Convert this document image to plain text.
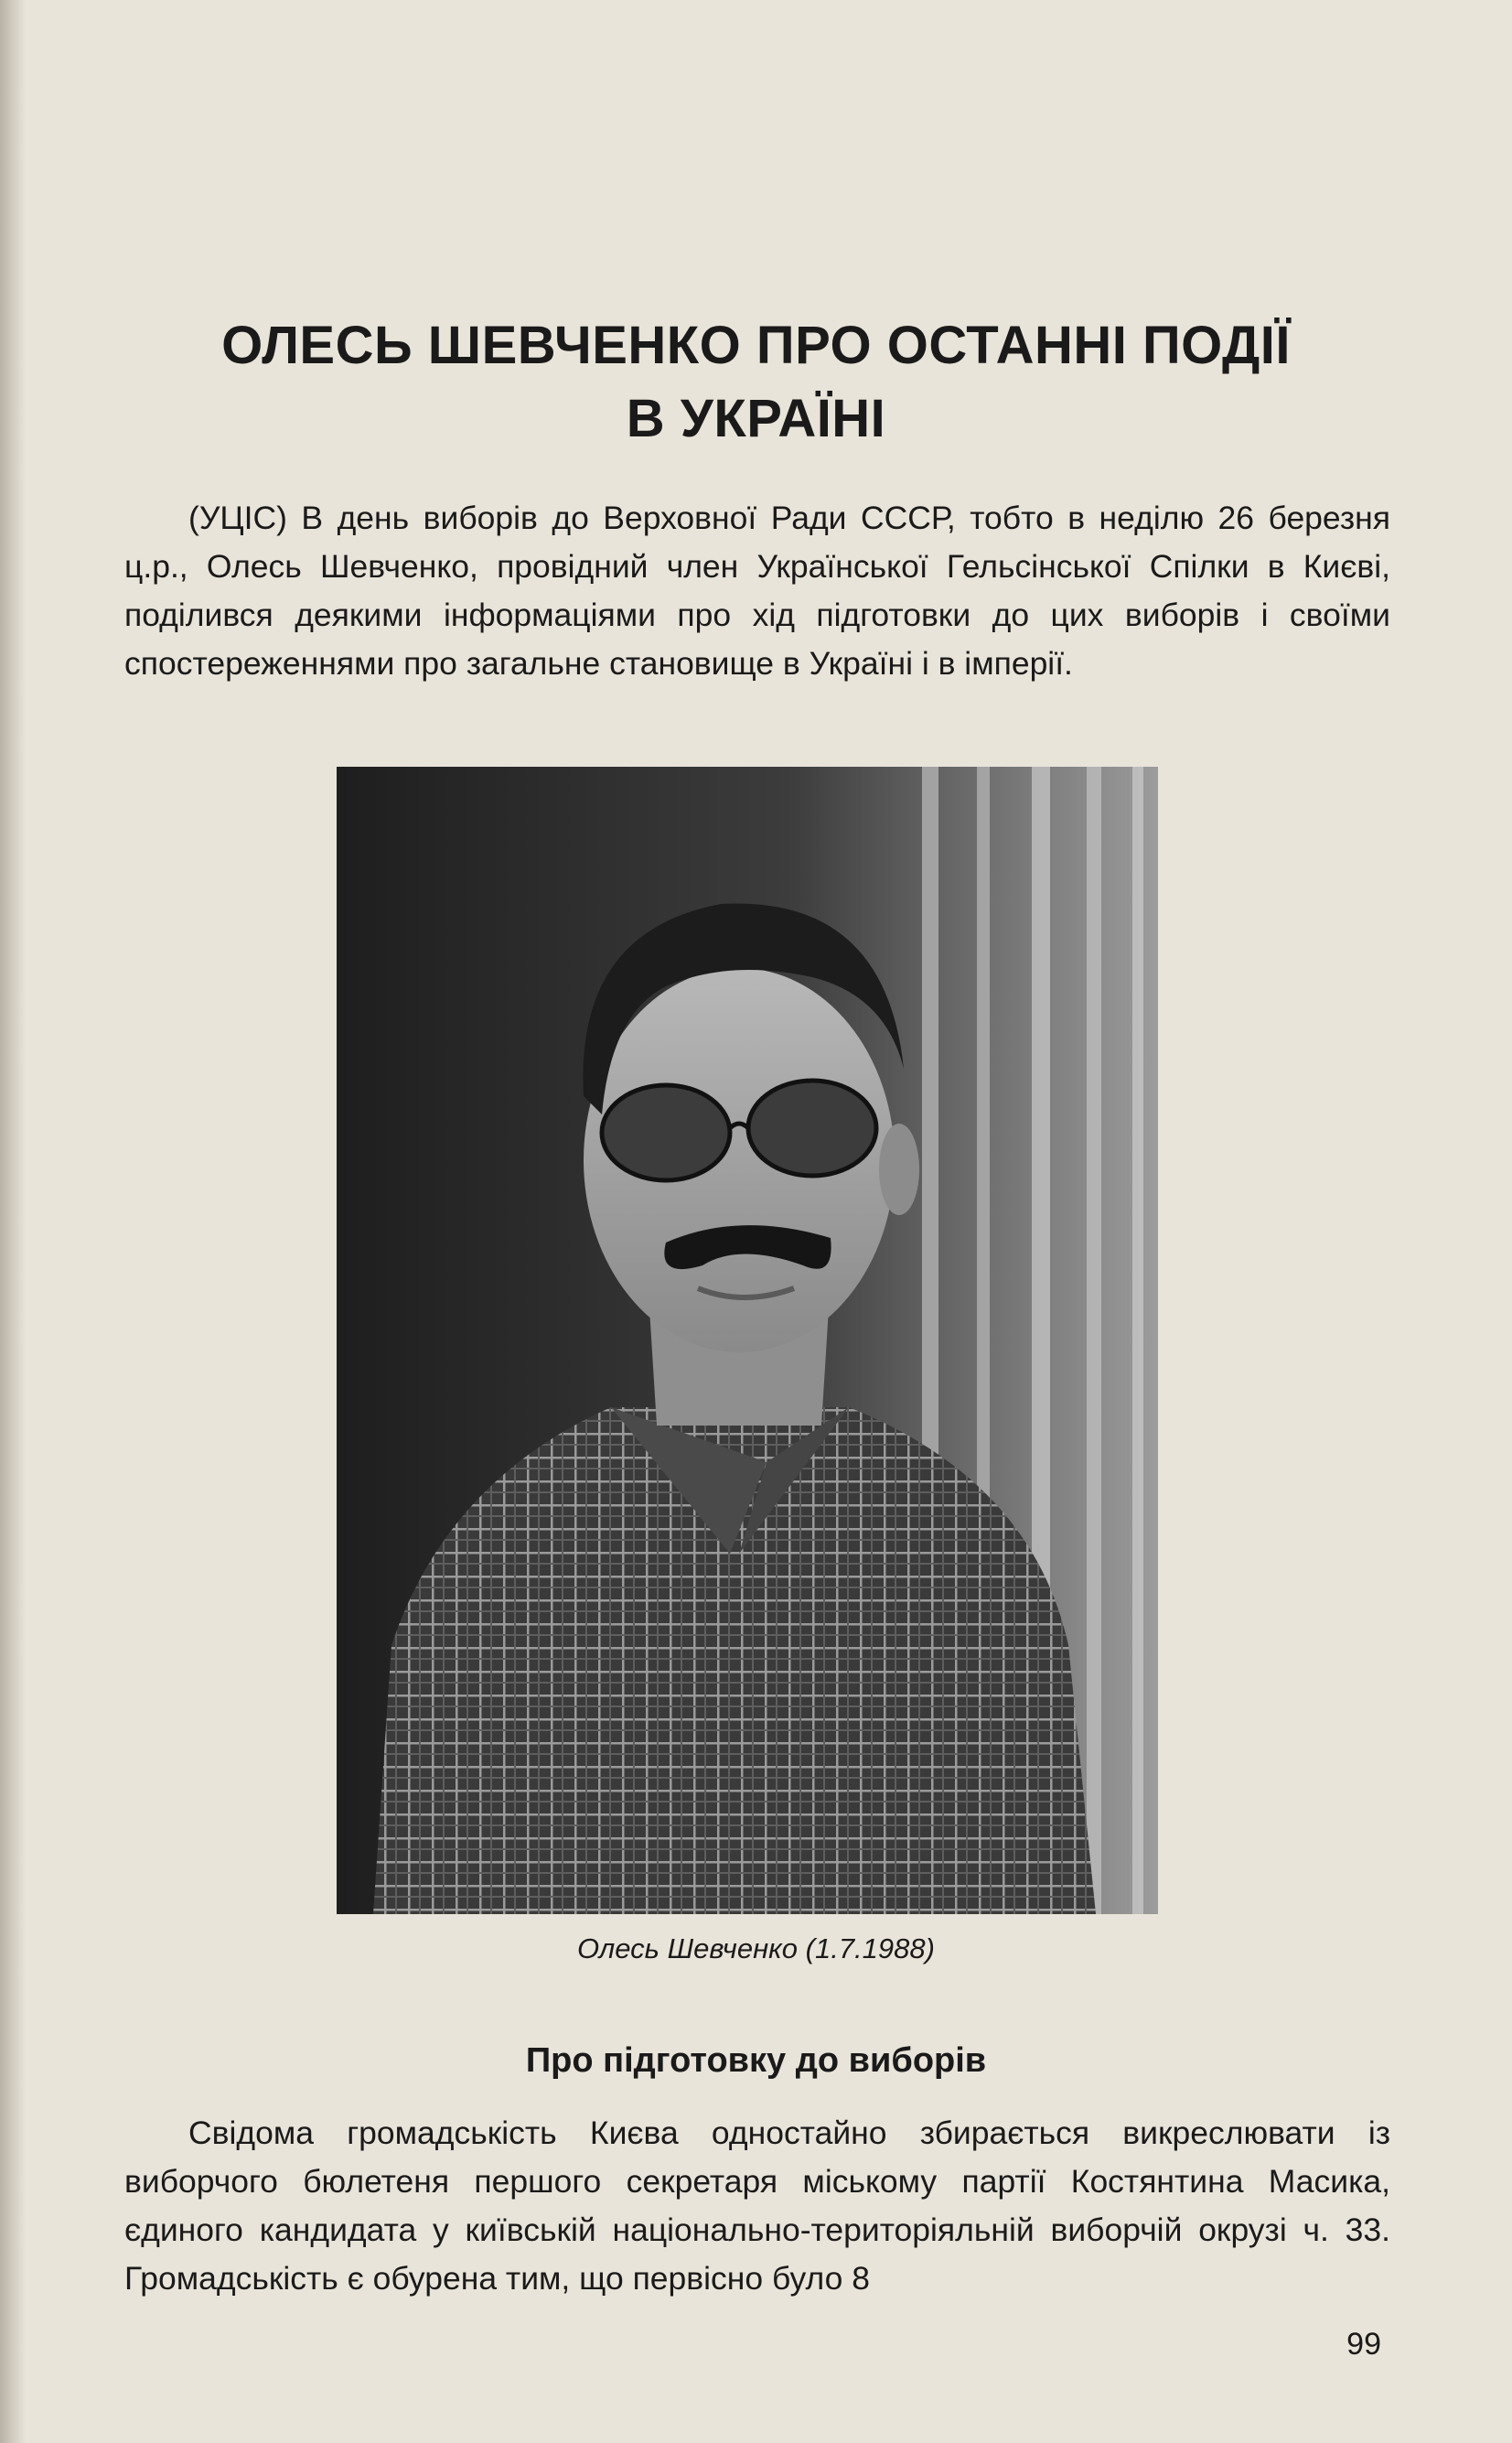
ОЛЕСЬ ШЕВЧЕНКО ПРО ОСТАННІ ПОДІЇ
В УКРАЇНІ

(УЦІС) В день виборів до Верховної Ради СССР, тобто в неділю 26 березня ц.р., Олесь Шевченко, провідний член Української Гельсінської Спілки в Києві, поділився деякими інформаціями про хід підготовки до цих виборів і своїми спостереженнями про загальне становище в Україні і в імперії.

Олесь Шевченко (1.7.1988)
Про підготовку до виборів

Свідома громадськість Києва одностайно збирається викреслювати із виборчого бюлетеня першого секретаря міському партії Костянтина Масика, єдиного кандидата у київській національно-територіяльній виборчій окрузі ч. 33. Громадськість є обурена тим, що первісно було 8

99
